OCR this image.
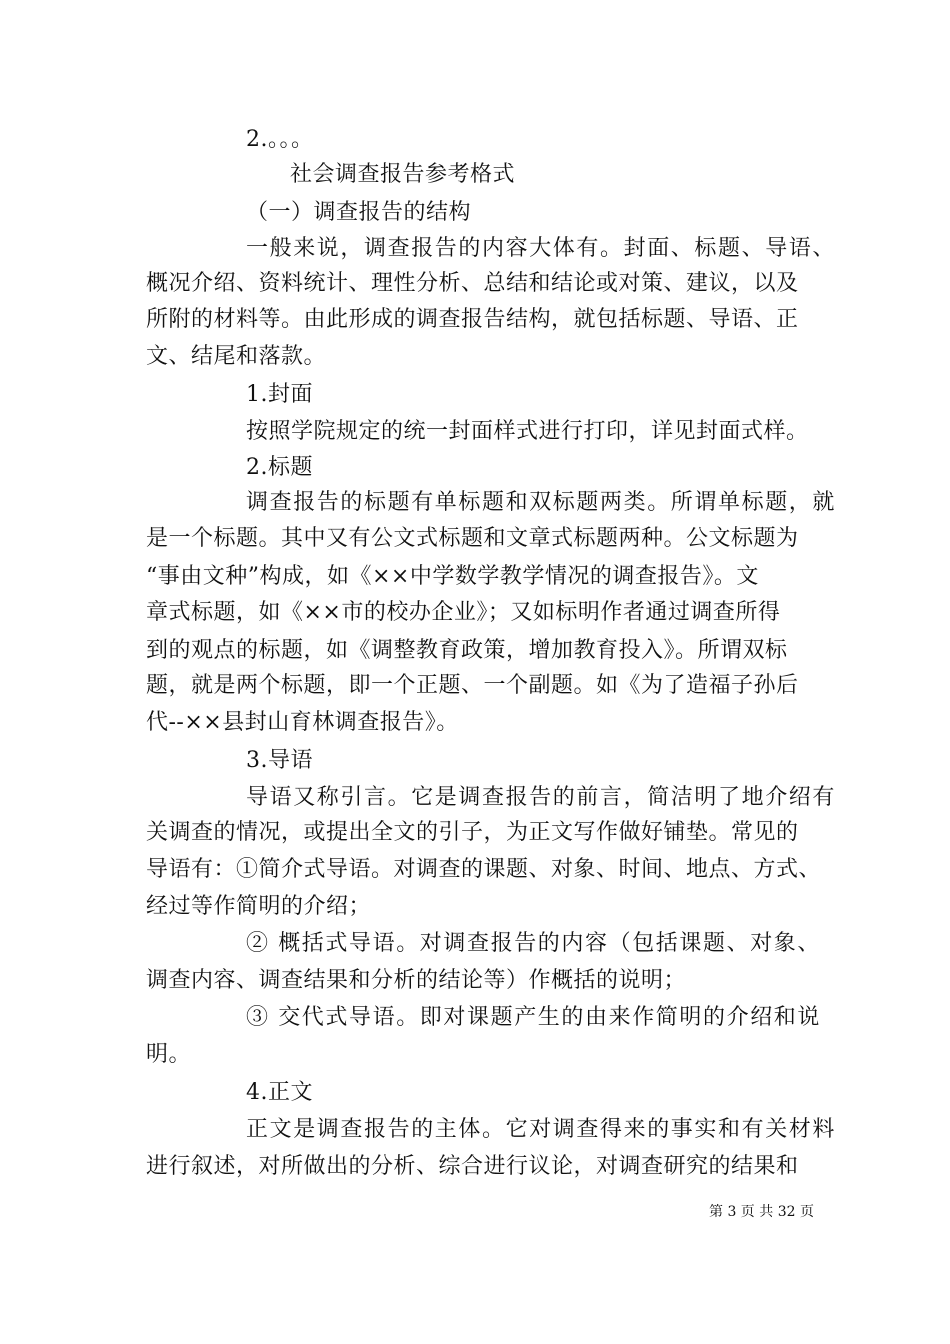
2.。。。
社会调查报告参考格式
（一）调查报告的结构
一般来说，调查报告的内容大体有。封面、标题、导语、
概况介绍、资料统计、理性分析、总结和结论或对策、建议，以及
所附的材料等。由此形成的调查报告结构，就包括标题、导语、正
文、结尾和落款。
1.封面
按照学院规定的统一封面样式进行打印，详见封面式样。
2.标题
调查报告的标题有单标题和双标题两类。所谓单标题，就
是一个标题。其中又有公文式标题和文章式标题两种。公文标题为
“事由文种”构成，如《××中学数学教学情况的调查报告》。文
章式标题，如《××市的校办企业》；又如标明作者通过调查所得
到的观点的标题，如《调整教育政策，增加教育投入》。所谓双标
题，就是两个标题，即一个正题、一个副题。如《为了造福子孙后
代--××县封山育林调查报告》。
3.导语
导语又称引言。它是调查报告的前言，简洁明了地介绍有
关调查的情况，或提出全文的引子，为正文写作做好铺垫。常见的
导语有：①简介式导语。对调查的课题、对象、时间、地点、方式、
经过等作简明的介绍；
② 概括式导语。对调查报告的内容（包括课题、对象、
调查内容、调查结果和分析的结论等）作概括的说明；
③ 交代式导语。即对课题产生的由来作简明的介绍和说
明。
4.正文
正文是调查报告的主体。它对调查得来的事实和有关材料
进行叙述，对所做出的分析、综合进行议论，对调查研究的结果和
第 3 页 共 32 页
